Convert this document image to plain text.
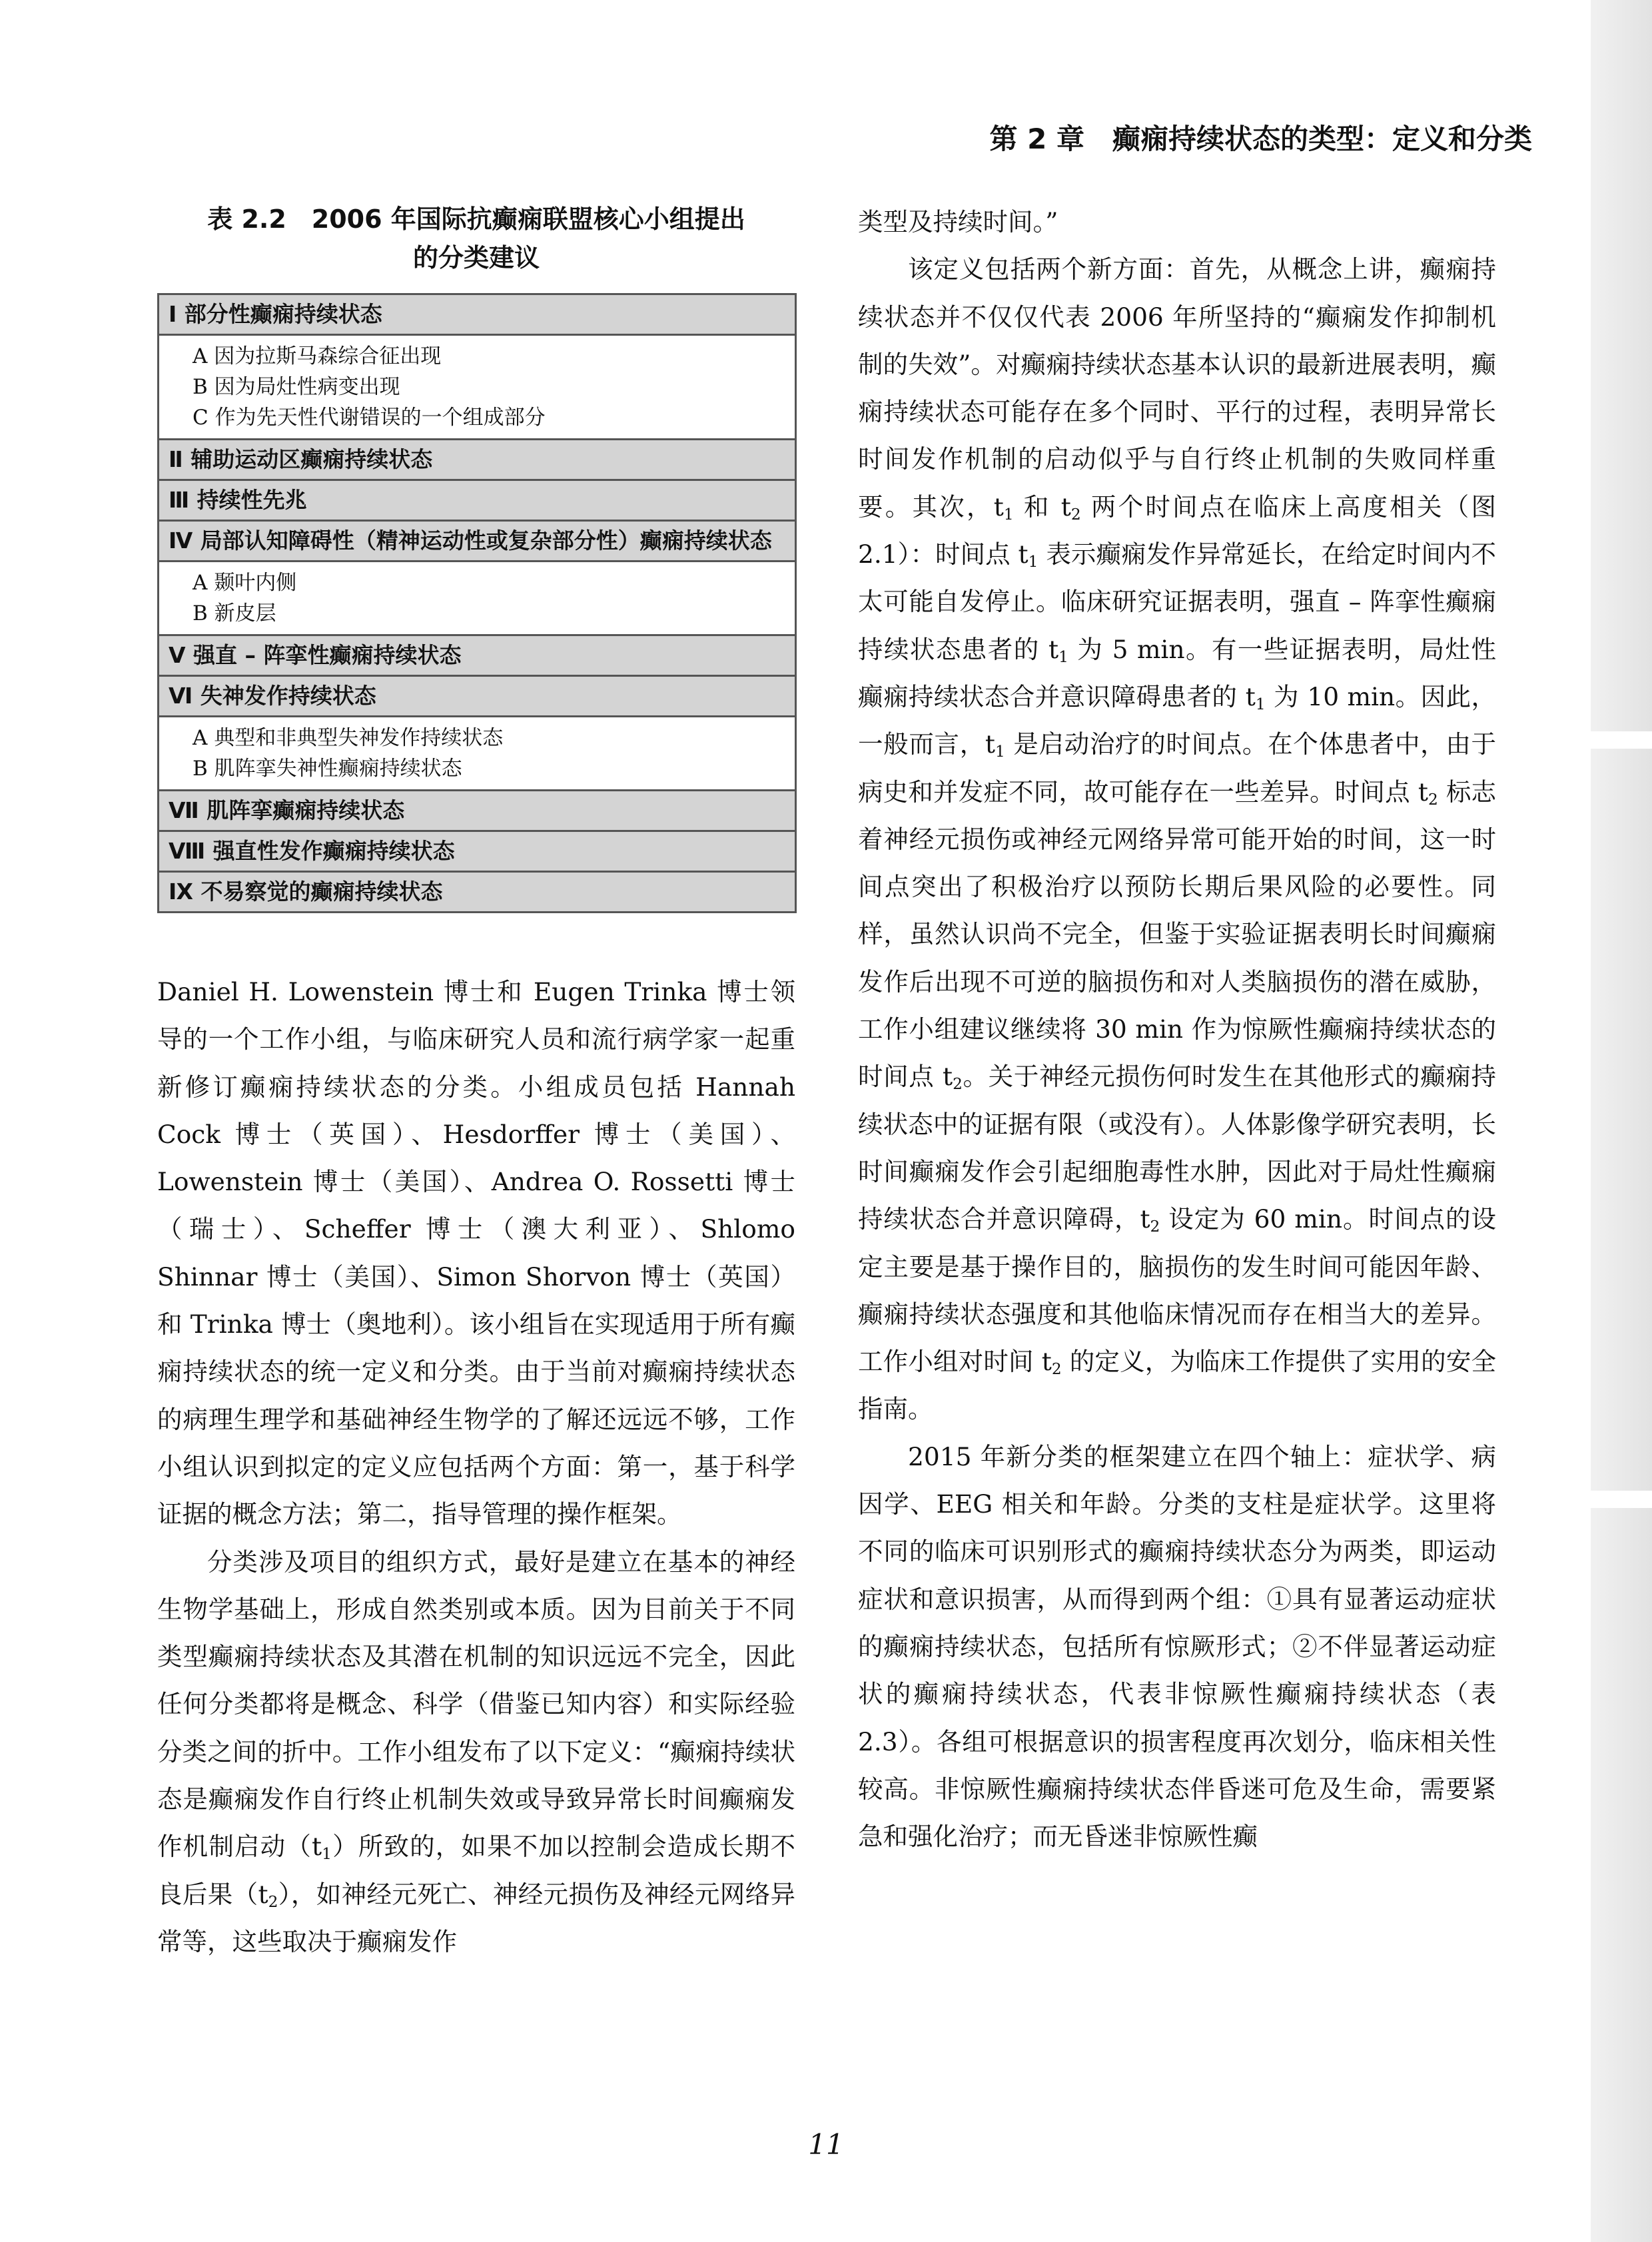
第 2 章　癫痫持续状态的类型：定义和分类
表 2.2　2006 年国际抗癫痫联盟核心小组提出
的分类建议
Ⅰ 部分性癫痫持续状态
A 因为拉斯马森综合征出现
B 因为局灶性病变出现
C 作为先天性代谢错误的一个组成部分
Ⅱ 辅助运动区癫痫持续状态
Ⅲ 持续性先兆
Ⅳ 局部认知障碍性（精神运动性或复杂部分性）癫痫持续状态
A 颞叶内侧
B 新皮层
Ⅴ 强直 – 阵挛性癫痫持续状态
Ⅵ 失神发作持续状态
A 典型和非典型失神发作持续状态
B 肌阵挛失神性癫痫持续状态
Ⅶ 肌阵挛癫痫持续状态
Ⅷ 强直性发作癫痫持续状态
Ⅸ 不易察觉的癫痫持续状态

Daniel H. Lowenstein 博士和 Eugen Trinka 博士领导的一个工作小组，与临床研究人员和流行病学家一起重新修订癫痫持续状态的分类。小组成员包括 Hannah Cock 博士（英国）、Hesdorffer 博士（美国）、Lowenstein 博士（美国）、Andrea O. Rossetti 博士（瑞士）、Scheffer 博士（澳大利亚）、Shlomo Shinnar 博士（美国）、Simon Shorvon 博士（英国）和 Trinka 博士（奥地利）。该小组旨在实现适用于所有癫痫持续状态的统一定义和分类。由于当前对癫痫持续状态的病理生理学和基础神经生物学的了解还远远不够，工作小组认识到拟定的定义应包括两个方面：第一，基于科学证据的概念方法；第二，指导管理的操作框架。

分类涉及项目的组织方式，最好是建立在基本的神经生物学基础上，形成自然类别或本质。因为目前关于不同类型癫痫持续状态及其潜在机制的知识远远不完全，因此任何分类都将是概念、科学（借鉴已知内容）和实际经验分类之间的折中。工作小组发布了以下定义：“癫痫持续状态是癫痫发作自行终止机制失效或导致异常长时间癫痫发作机制启动$(t_1)$所致的，如果不加以控制会造成长期不良后果$(t_2)$，如神经元死亡、神经元损伤及神经元网络异常等，这些取决于癫痫发作

类型及持续时间。”

该定义包括两个新方面：首先，从概念上讲，癫痫持续状态并不仅仅代表 2006 年所坚持的“癫痫发作抑制机制的失效”。对癫痫持续状态基本认识的最新进展表明，癫痫持续状态可能存在多个同时、平行的过程，表明异常长时间发作机制的启动似乎与自行终止机制的失败同样重要。其次，$t_1$ 和 $t_2$ 两个时间点在临床上高度相关（图 2.1）：时间点 $t_1$ 表示癫痫发作异常延长，在给定时间内不太可能自发停止。临床研究证据表明，强直 – 阵挛性癫痫持续状态患者的 $t_1$ 为 5 min。有一些证据表明，局灶性癫痫持续状态合并意识障碍患者的 $t_1$ 为 10 min。因此，一般而言，$t_1$ 是启动治疗的时间点。在个体患者中，由于病史和并发症不同，故可能存在一些差异。时间点 $t_2$ 标志着神经元损伤或神经元网络异常可能开始的时间，这一时间点突出了积极治疗以预防长期后果风险的必要性。同样，虽然认识尚不完全，但鉴于实验证据表明长时间癫痫发作后出现不可逆的脑损伤和对人类脑损伤的潜在威胁，工作小组建议继续将 30 min 作为惊厥性癫痫持续状态的时间点 $t_2$。关于神经元损伤何时发生在其他形式的癫痫持续状态中的证据有限（或没有）。人体影像学研究表明，长时间癫痫发作会引起细胞毒性水肿，因此对于局灶性癫痫持续状态合并意识障碍，$t_2$ 设定为 60 min。时间点的设定主要是基于操作目的，脑损伤的发生时间可能因年龄、癫痫持续状态强度和其他临床情况而存在相当大的差异。工作小组对时间 $t_2$ 的定义，为临床工作提供了实用的安全指南。

2015 年新分类的框架建立在四个轴上：症状学、病因学、EEG 相关和年龄。分类的支柱是症状学。这里将不同的临床可识别形式的癫痫持续状态分为两类，即运动症状和意识损害，从而得到两个组：①具有显著运动症状的癫痫持续状态，包括所有惊厥形式；②不伴显著运动症状的癫痫持续状态，代表非惊厥性癫痫持续状态（表 2.3）。各组可根据意识的损害程度再次划分，临床相关性较高。非惊厥性癫痫持续状态伴昏迷可危及生命，需要紧急和强化治疗；而无昏迷非惊厥性癫

11
